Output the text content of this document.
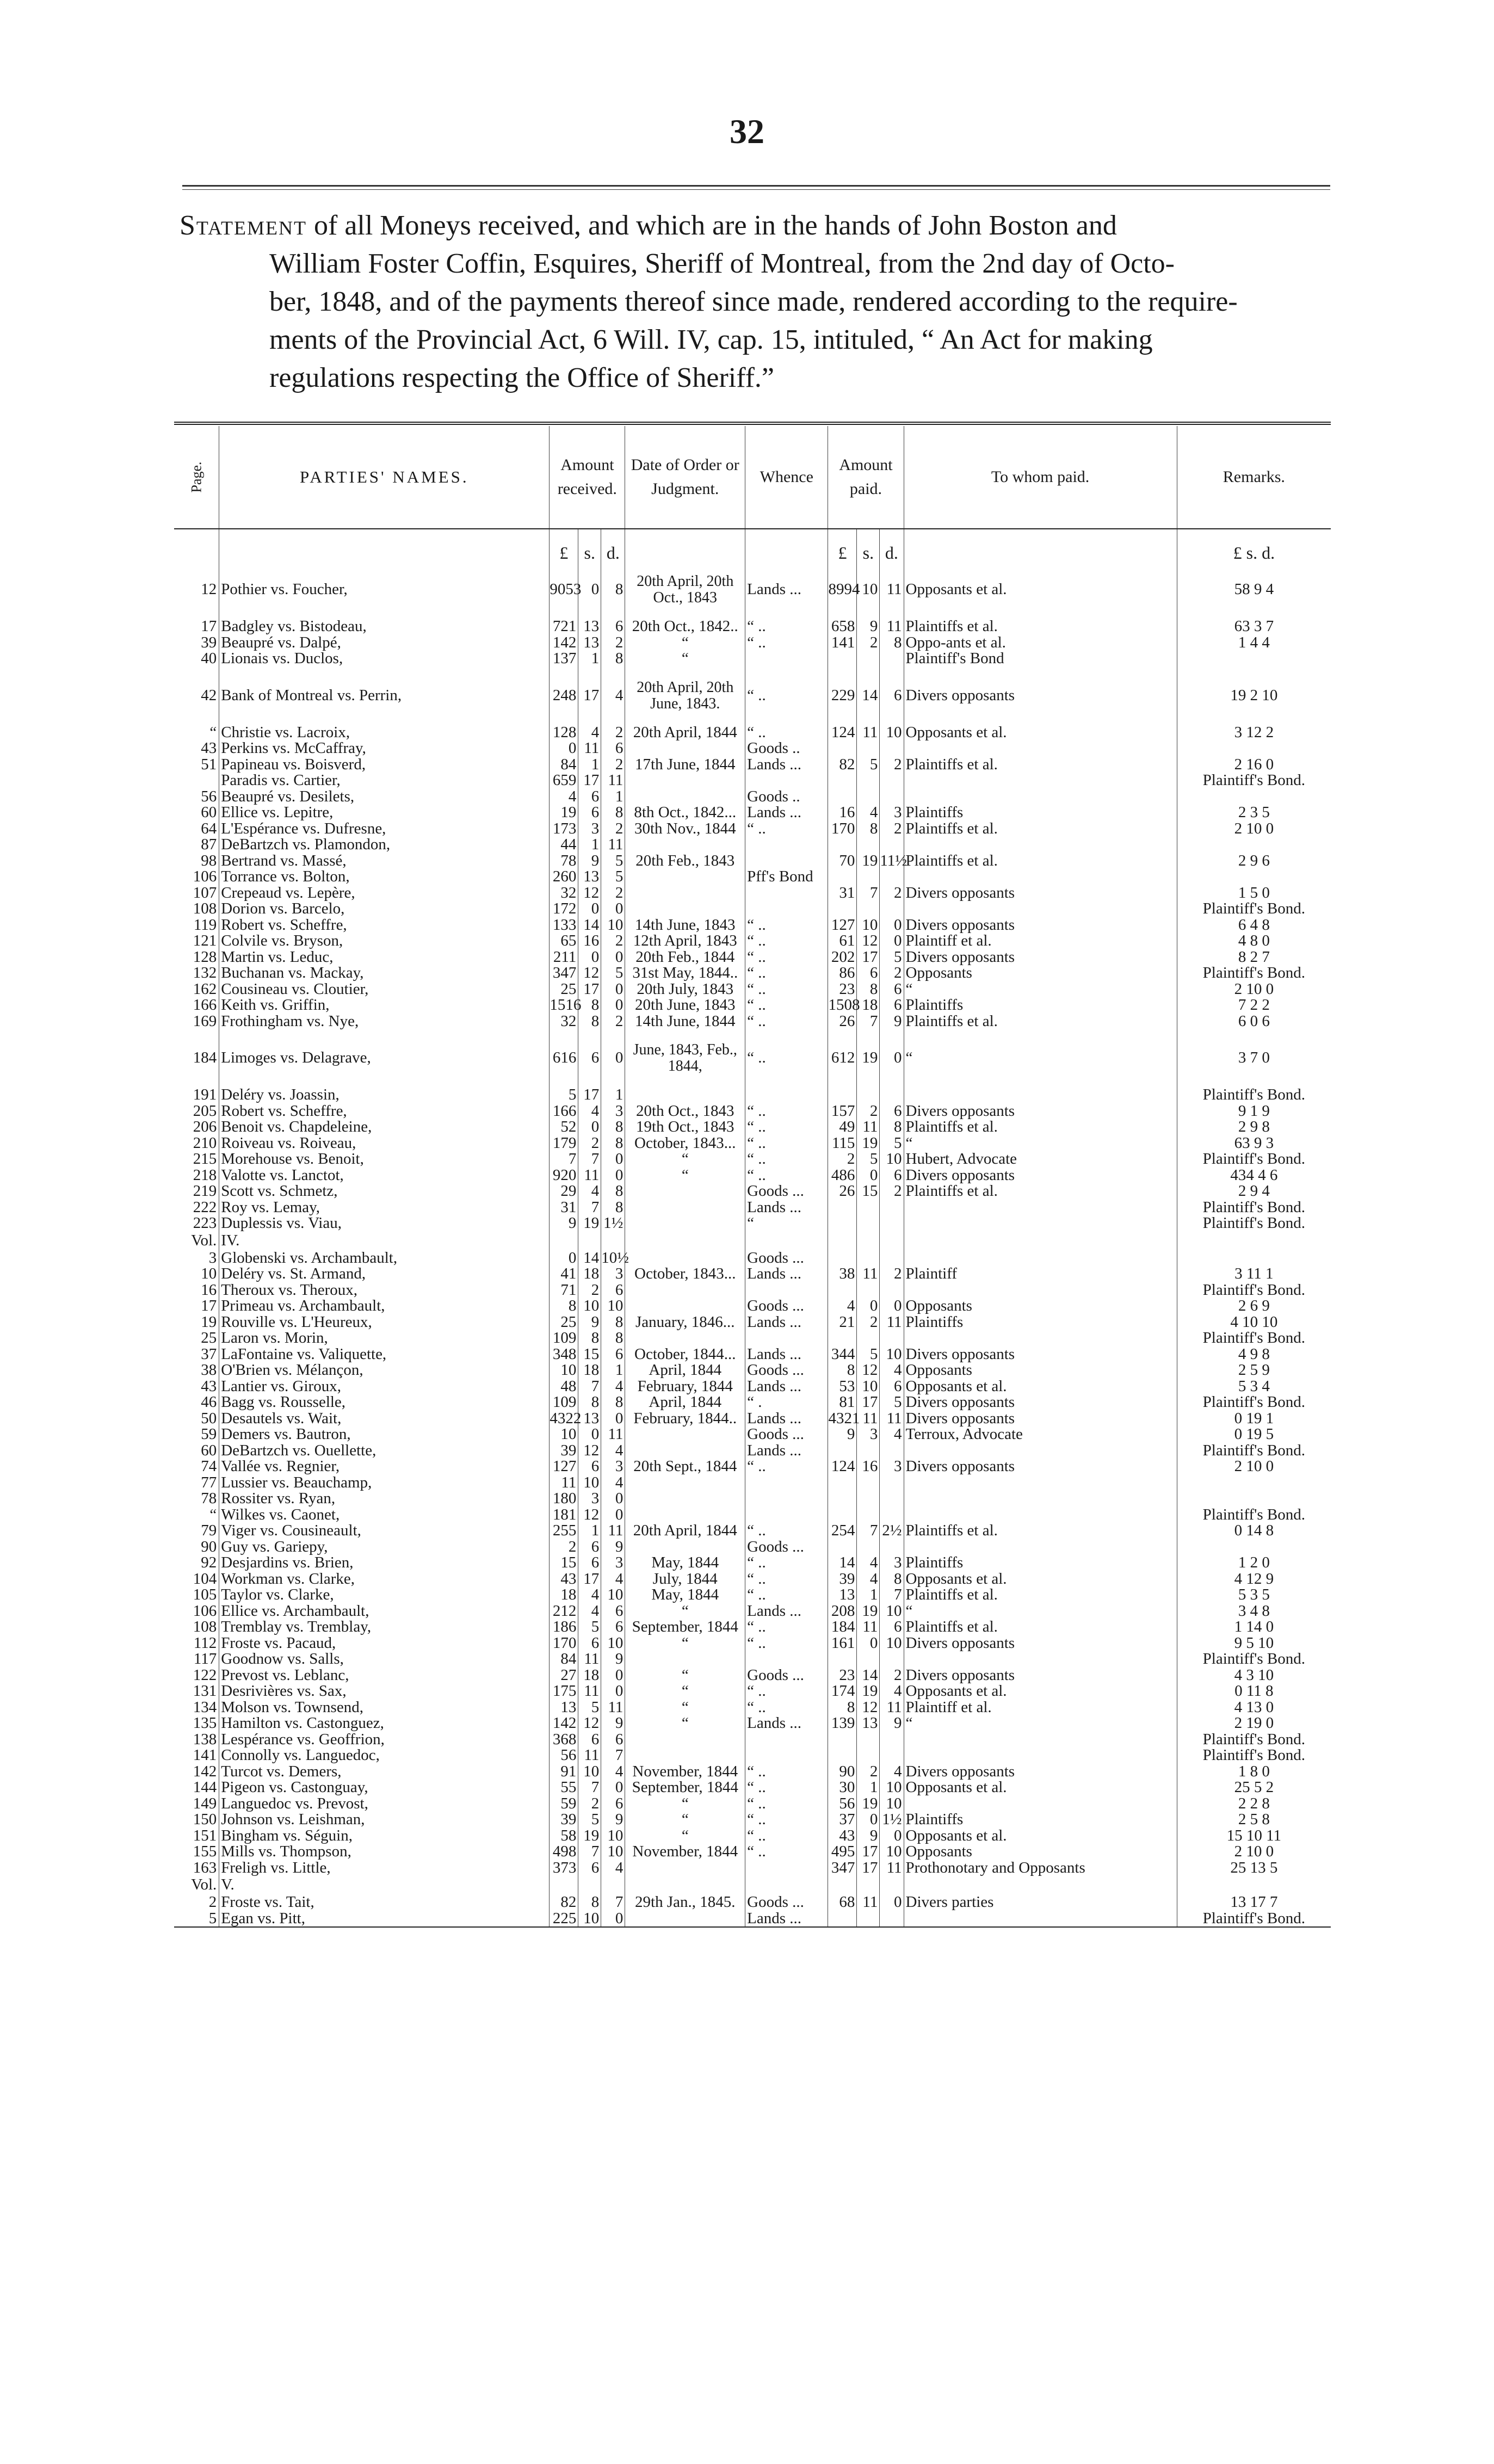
32
Statement of all Moneys received, and which are in the hands of John Boston and
William Foster Coffin, Esquires, Sheriff of Montreal, from the 2nd day of Octo-
ber, 1848, and of the payments thereof since made, rendered according to the require-
ments of the Provincial Act, 6 Will. IV, cap. 15, intituled, “ An Act for making
regulations respecting the Office of Sheriff.”

Page.	PARTIES' NAMES.	Amount received.			Date of Order or Judgment.	Whence	Amount paid.			To whom paid.	Remarks.
		£	s.	d.			£	s.	d.		£ s. d.
12	Pothier vs. Foucher,	9053	0	8	20th April, 20th Oct., 1843	Lands ...	8994	10	11	Opposants et al.	58 9 4
17	Badgley vs. Bistodeau,	721	13	6	20th Oct., 1842..	“ ..	658	9	11	Plaintiffs et al.	63 3 7
39	Beaupré vs. Dalpé,	142	13	2	“	“ ..	141	2	8	Oppo-ants et al.	1 4 4
40	Lionais vs. Duclos,	137	1	8	“					Plaintiff's Bond	
42	Bank of Montreal vs. Perrin,	248	17	4	20th April, 20th June, 1843.	“ ..	229	14	6	Divers opposants	19 2 10
“	Christie vs. Lacroix,	128	4	2	20th April, 1844	“ ..	124	11	10	Opposants et al.	3 12 2
43	Perkins vs. McCaffray,	0	11	6		Goods ..					
51	Papineau vs. Boisverd,	84	1	2	17th June, 1844	Lands ...	82	5	2	Plaintiffs et al.	2 16 0
	Paradis vs. Cartier,	659	17	11							Plaintiff's Bond.
56	Beaupré vs. Desilets,	4	6	1		Goods ..					
60	Ellice vs. Lepitre,	19	6	8	8th Oct., 1842...	Lands ...	16	4	3	Plaintiffs	2 3 5
64	L'Espérance vs. Dufresne,	173	3	2	30th Nov., 1844	“ ..	170	8	2	Plaintiffs et al.	2 10 0
87	DeBartzch vs. Plamondon,	44	1	11							
98	Bertrand vs. Massé,	78	9	5	20th Feb., 1843		70	19	11½	Plaintiffs et al.	2 9 6
106	Torrance vs. Bolton,	260	13	5		Pff's Bond					
107	Crepeaud vs. Lepère,	32	12	2			31	7	2	Divers opposants	1 5 0
108	Dorion vs. Barcelo,	172	0	0							Plaintiff's Bond.
119	Robert vs. Scheffre,	133	14	10	14th June, 1843	“ ..	127	10	0	Divers opposants	6 4 8
121	Colvile vs. Bryson,	65	16	2	12th April, 1843	“ ..	61	12	0	Plaintiff et al.	4 8 0
128	Martin vs. Leduc,	211	0	0	20th Feb., 1844	“ ..	202	17	5	Divers opposants	8 2 7
132	Buchanan vs. Mackay,	347	12	5	31st May, 1844..	“ ..	86	6	2	Opposants	Plaintiff's Bond.
162	Cousineau vs. Cloutier,	25	17	0	20th July, 1843	“ ..	23	8	6	“	2 10 0
166	Keith vs. Griffin,	1516	8	0	20th June, 1843	“ ..	1508	18	6	Plaintiffs	7 2 2
169	Frothingham vs. Nye,	32	8	2	14th June, 1844	“ ..	26	7	9	Plaintiffs et al.	6 0 6
184	Limoges vs. Delagrave,	616	6	0	June, 1843, Feb., 1844,	“ ..	612	19	0	“	3 7 0
191	Deléry vs. Joassin,	5	17	1							Plaintiff's Bond.
205	Robert vs. Scheffre,	166	4	3	20th Oct., 1843	“ ..	157	2	6	Divers opposants	9 1 9
206	Benoit vs. Chapdeleine,	52	0	8	19th Oct., 1843	“ ..	49	11	8	Plaintiffs et al.	2 9 8
210	Roiveau vs. Roiveau,	179	2	8	October, 1843...	“ ..	115	19	5	“	63 9 3
215	Morehouse vs. Benoit,	7	7	0	“	“ ..	2	5	10	Hubert, Advocate	Plaintiff's Bond.
218	Valotte vs. Lanctot,	920	11	0	“	“ ..	486	0	6	Divers opposants	434 4 6
219	Scott vs. Schmetz,	29	4	8		Goods ...	26	15	2	Plaintiffs et al.	2 9 4
222	Roy vs. Lemay,	31	7	8		Lands ...					Plaintiff's Bond.
223	Duplessis vs. Viau,	9	19	1½		“					Plaintiff's Bond.
Vol.	IV.										
3	Globenski vs. Archambault,	0	14	10½		Goods ...					
10	Deléry vs. St. Armand,	41	18	3	October, 1843...	Lands ...	38	11	2	Plaintiff	3 11 1
16	Theroux vs. Theroux,	71	2	6							Plaintiff's Bond.
17	Primeau vs. Archambault,	8	10	10		Goods ...	4	0	0	Opposants	2 6 9
19	Rouville vs. L'Heureux,	25	9	8	January, 1846...	Lands ...	21	2	11	Plaintiffs	4 10 10
25	Laron vs. Morin,	109	8	8							Plaintiff's Bond.
37	LaFontaine vs. Valiquette,	348	15	6	October, 1844...	Lands ...	344	5	10	Divers opposants	4 9 8
38	O'Brien vs. Mélançon,	10	18	1	April, 1844	Goods ...	8	12	4	Opposants	2 5 9
43	Lantier vs. Giroux,	48	7	4	February, 1844	Lands ...	53	10	6	Opposants et al.	5 3 4
46	Bagg vs. Rousselle,	109	8	8	April, 1844	“ .	81	17	5	Divers opposants	Plaintiff's Bond.
50	Desautels vs. Wait,	4322	13	0	February, 1844..	Lands ...	4321	11	11	Divers opposants	0 19 1
59	Demers vs. Bautron,	10	0	11		Goods ...	9	3	4	Terroux, Advocate	0 19 5
60	DeBartzch vs. Ouellette,	39	12	4		Lands ...					Plaintiff's Bond.
74	Vallée vs. Regnier,	127	6	3	20th Sept., 1844	“ ..	124	16	3	Divers opposants	2 10 0
77	Lussier vs. Beauchamp,	11	10	4							
78	Rossiter vs. Ryan,	180	3	0							
“	Wilkes vs. Caonet,	181	12	0							Plaintiff's Bond.
79	Viger vs. Cousineault,	255	1	11	20th April, 1844	“ ..	254	7	2½	Plaintiffs et al.	0 14 8
90	Guy vs. Gariepy,	2	6	9		Goods ...					
92	Desjardins vs. Brien,	15	6	3	May, 1844	“ ..	14	4	3	Plaintiffs	1 2 0
104	Workman vs. Clarke,	43	17	4	July, 1844	“ ..	39	4	8	Opposants et al.	4 12 9
105	Taylor vs. Clarke,	18	4	10	May, 1844	“ ..	13	1	7	Plaintiffs et al.	5 3 5
106	Ellice vs. Archambault,	212	4	6	“	Lands ...	208	19	10	“	3 4 8
108	Tremblay vs. Tremblay,	186	5	6	September, 1844	“ ..	184	11	6	Plaintiffs et al.	1 14 0
112	Froste vs. Pacaud,	170	6	10	“	“ ..	161	0	10	Divers opposants	9 5 10
117	Goodnow vs. Salls,	84	11	9							Plaintiff's Bond.
122	Prevost vs. Leblanc,	27	18	0	“	Goods ...	23	14	2	Divers opposants	4 3 10
131	Desrivières vs. Sax,	175	11	0	“	“ ..	174	19	4	Opposants et al.	0 11 8
134	Molson vs. Townsend,	13	5	11	“	“ ..	8	12	11	Plaintiff et al.	4 13 0
135	Hamilton vs. Castonguez,	142	12	9	“	Lands ...	139	13	9	“	2 19 0
138	Lespérance vs. Geoffrion,	368	6	6							Plaintiff's Bond.
141	Connolly vs. Languedoc,	56	11	7							Plaintiff's Bond.
142	Turcot vs. Demers,	91	10	4	November, 1844	“ ..	90	2	4	Divers opposants	1 8 0
144	Pigeon vs. Castonguay,	55	7	0	September, 1844	“ ..	30	1	10	Opposants et al.	25 5 2
149	Languedoc vs. Prevost,	59	2	6	“	“ ..	56	19	10		2 2 8
150	Johnson vs. Leishman,	39	5	9	“	“ ..	37	0	1½	Plaintiffs	2 5 8
151	Bingham vs. Séguin,	58	19	10	“	“ ..	43	9	0	Opposants et al.	15 10 11
155	Mills vs. Thompson,	498	7	10	November, 1844	“ ..	495	17	10	Opposants	2 10 0
163	Freligh vs. Little,	373	6	4			347	17	11	Prothonotary and Opposants	25 13 5
Vol.	V.										
2	Froste vs. Tait,	82	8	7	29th Jan., 1845.	Goods ...	68	11	0	Divers parties	13 17 7
5	Egan vs. Pitt,	225	10	0		Lands ...					Plaintiff's Bond.
